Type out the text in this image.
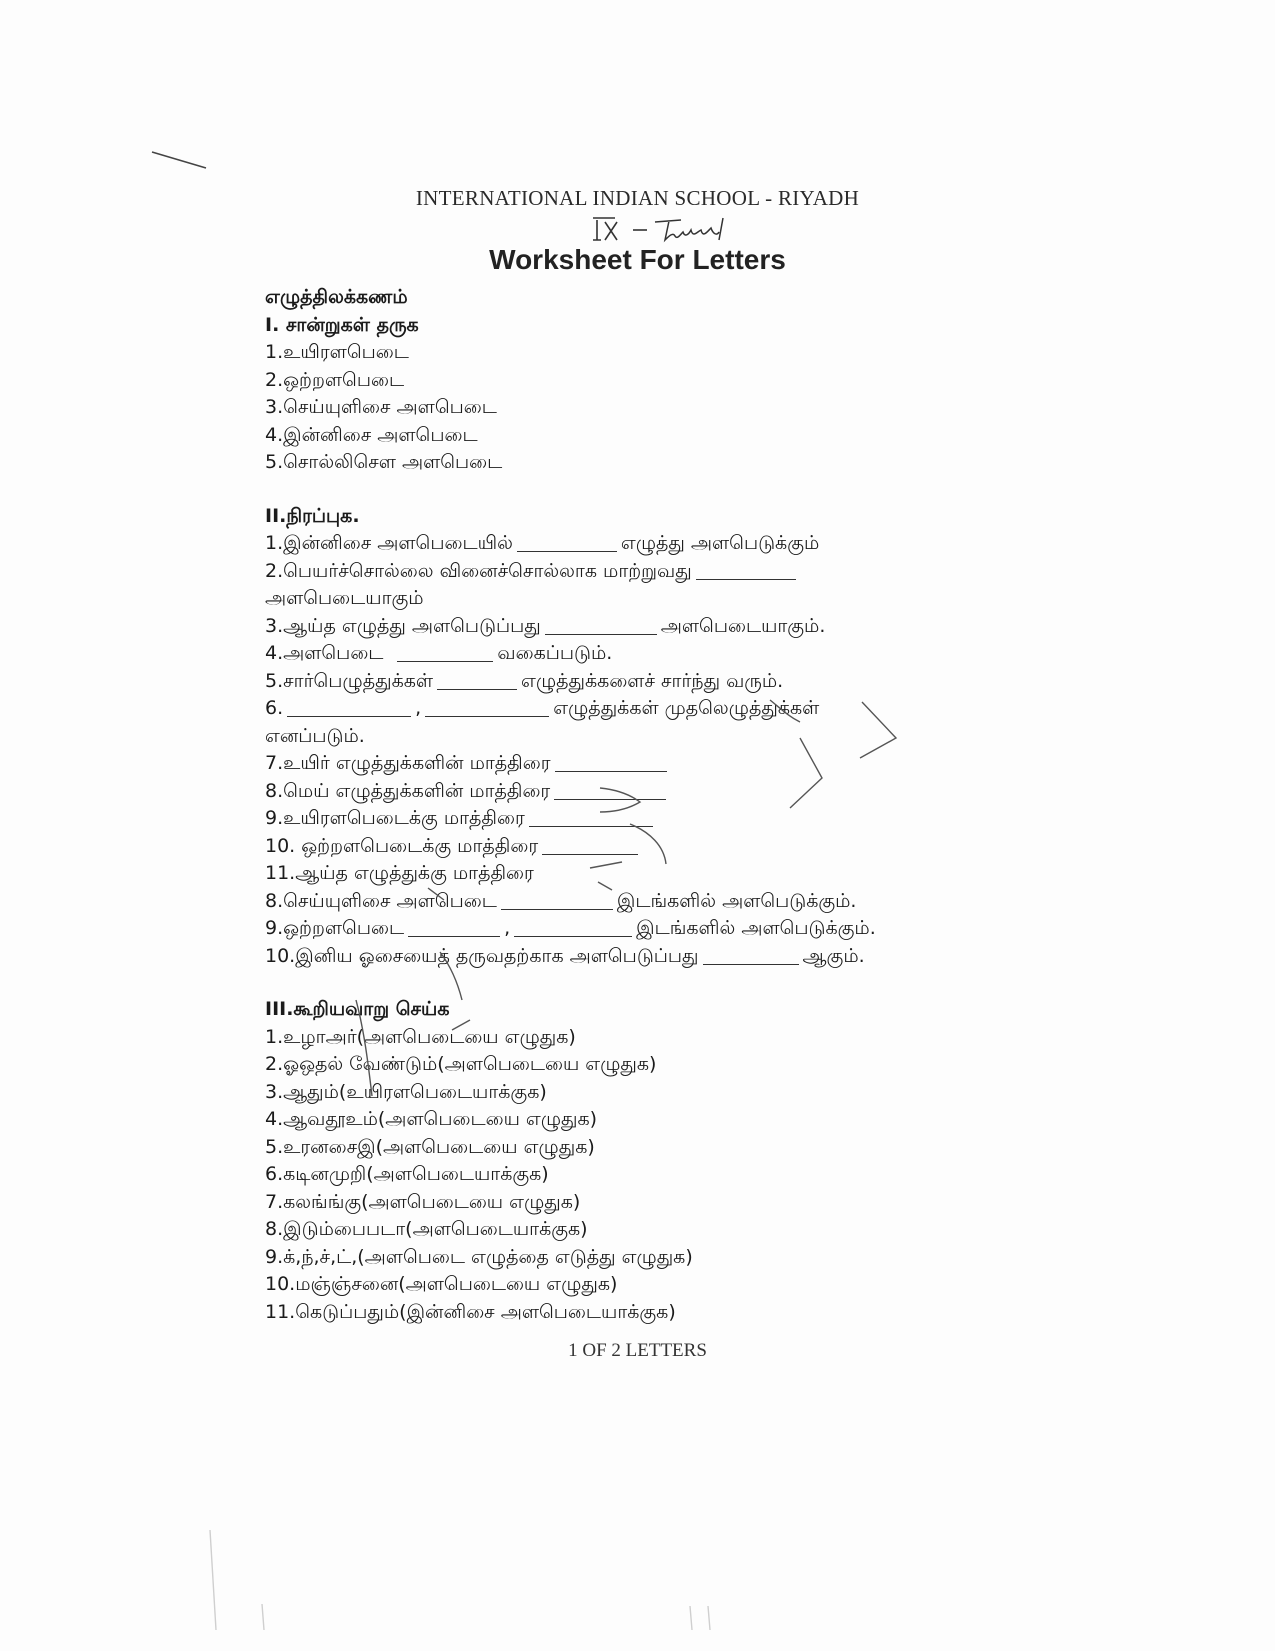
INTERNATIONAL INDIAN SCHOOL - RIYADH
Worksheet For Letters
எழுத்திலக்கணம்
I. சான்றுகள் தருக
1.உயிரளபெடை
2.ஒற்றளபெடை
3.செய்யுளிசை அளபெடை
4.இன்னிசை அளபெடை
5.சொல்லிசெள அளபெடை
II.நிரப்புக.
1.இன்னிசை அளபெடையில்	எழுத்து அளபெடுக்கும்
2.பெயர்ச்சொல்லை வினைச்சொல்லாக மாற்றுவது
அளபெடையாகும்
3.ஆய்த எழுத்து அளபெடுப்பது	அளபெடையாகும்.
4.அளபெடை	வகைப்படும்.
5.சார்பெழுத்துக்கள்	எழுத்துக்களைச் சார்ந்து வரும்.
6.	,	எழுத்துக்கள் முதலெழுத்துக்கள்
எனப்படும்.
7.உயிர் எழுத்துக்களின் மாத்திரை
8.மெய் எழுத்துக்களின் மாத்திரை
9.உயிரளபெடைக்கு மாத்திரை
10. ஒற்றளபெடைக்கு மாத்திரை
11.ஆய்த எழுத்துக்கு மாத்திரை
8.செய்யுளிசை அளபெடை	இடங்களில் அளபெடுக்கும்.
9.ஒற்றளபெடை	,	இடங்களில் அளபெடுக்கும்.
10.இனிய ஓசையைத் தருவதற்காக அளபெடுப்பது	ஆகும்.
III.கூறியவாறு செய்க
1.உழாஅர்(அளபெடையை எழுதுக)
2.ஓஒதல் வேண்டும்(அளபெடையை எழுதுக)
3.ஆதும்(உயிரளபெடையாக்குக)
4.ஆவதூஉம்(அளபெடையை எழுதுக)
5.உரனசைஇ(அளபெடையை எழுதுக)
6.கடினமுறி(அளபெடையாக்குக)
7.கலங்ங்கு(அளபெடையை எழுதுக)
8.இடும்பைபடா(அளபெடையாக்குக)
9.க்,ந்,ச்,ட்,(அளபெடை எழுத்தை எடுத்து எழுதுக)
10.மஞ்ஞ்சனை(அளபெடையை எழுதுக)
11.கெடுப்பதும்(இன்னிசை அளபெடையாக்குக)
1 OF 2 LETTERS
